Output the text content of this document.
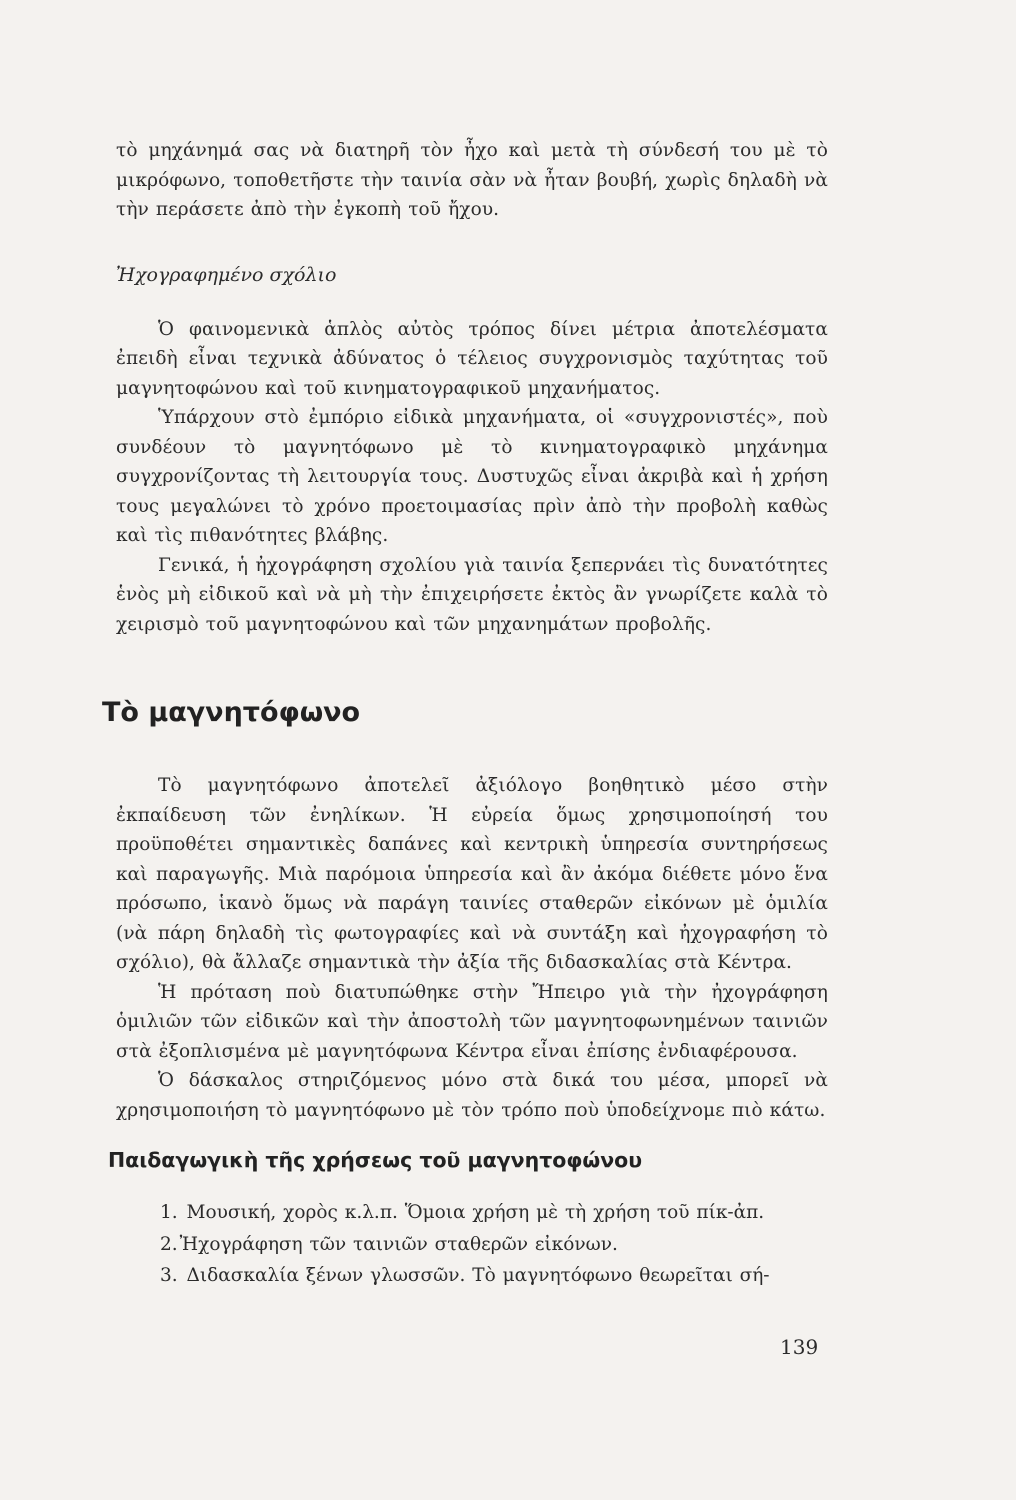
τὸ μηχάνημά σας νὰ διατηρῆ τὸν ἦχο καὶ μετὰ τὴ σύνδεσή του μὲ τὸ μικρόφωνο, τοποθετῆστε τὴν ταινία σὰν νὰ ἦταν βουβή, χωρὶς δηλαδὴ νὰ τὴν περάσετε ἀπὸ τὴν ἐγκοπὴ τοῦ ἤχου.

Ἠχογραφημένο σχόλιο

Ὁ φαινομενικὰ ἁπλὸς αὐτὸς τρόπος δίνει μέτρια ἀποτελέσματα ἐπειδὴ εἶναι τεχνικὰ ἀδύνατος ὁ τέλειος συγχρονισμὸς ταχύτητας τοῦ μαγνητοφώνου καὶ τοῦ κινηματογραφικοῦ μηχανήματος.

Ὑπάρχουν στὸ ἐμπόριο εἰδικὰ μηχανήματα, οἱ «συγχρονιστές», ποὺ συνδέουν τὸ μαγνητόφωνο μὲ τὸ κινηματογραφικὸ μηχάνημα συγχρονίζοντας τὴ λειτουργία τους. Δυστυχῶς εἶναι ἀκριβὰ καὶ ἡ χρήση τους μεγαλώνει τὸ χρόνο προετοιμασίας πρὶν ἀπὸ τὴν προβολὴ καθὼς καὶ τὶς πιθανότητες βλάβης.

Γενικά, ἡ ἠχογράφηση σχολίου γιὰ ταινία ξεπερνάει τὶς δυνατότητες ἑνὸς μὴ εἰδικοῦ καὶ νὰ μὴ τὴν ἐπιχειρήσετε ἐκτὸς ἂν γνωρίζετε καλὰ τὸ χειρισμὸ τοῦ μαγνητοφώνου καὶ τῶν μηχανημάτων προβολῆς.

Τὸ μαγνητόφωνο

Τὸ μαγνητόφωνο ἀποτελεῖ ἀξιόλογο βοηθητικὸ μέσο στὴν ἐκπαίδευση τῶν ἐνηλίκων. Ἡ εὐρεία ὅμως χρησιμοποίησή του προϋποθέτει σημαντικὲς δαπάνες καὶ κεντρικὴ ὑπηρεσία συντηρήσεως καὶ παραγωγῆς. Μιὰ παρόμοια ὑπηρεσία καὶ ἂν ἀκόμα διέθετε μόνο ἕνα πρόσωπο, ἱκανὸ ὅμως νὰ παράγη ταινίες σταθερῶν εἰκόνων μὲ ὁμιλία (νὰ πάρη δηλαδὴ τὶς φωτογραφίες καὶ νὰ συντάξη καὶ ἠχογραφήση τὸ σχόλιο), θὰ ἄλλαζε σημαντικὰ τὴν ἀξία τῆς διδασκαλίας στὰ Κέντρα.

Ἡ πρόταση ποὺ διατυπώθηκε στὴν Ἤπειρο γιὰ τὴν ἠχογράφηση ὁμιλιῶν τῶν εἰδικῶν καὶ τὴν ἀποστολὴ τῶν μαγνητοφωνημένων ταινιῶν στὰ ἐξοπλισμένα μὲ μαγνητόφωνα Κέντρα εἶναι ἐπίσης ἐνδιαφέρουσα.

Ὁ δάσκαλος στηριζόμενος μόνο στὰ δικά του μέσα, μπορεῖ νὰ χρησιμοποιήση τὸ μαγνητόφωνο μὲ τὸν τρόπο ποὺ ὑποδείχνομε πιὸ κάτω.

Παιδαγωγικὴ τῆς χρήσεως τοῦ μαγνητοφώνου
1. Μουσική, χορὸς κ.λ.π. Ὅμοια χρήση μὲ τὴ χρήση τοῦ πίκ-ἀπ.
2. Ἠχογράφηση τῶν ταινιῶν σταθερῶν εἰκόνων.
3. Διδασκαλία ξένων γλωσσῶν. Τὸ μαγνητόφωνο θεωρεῖται σή-
139
